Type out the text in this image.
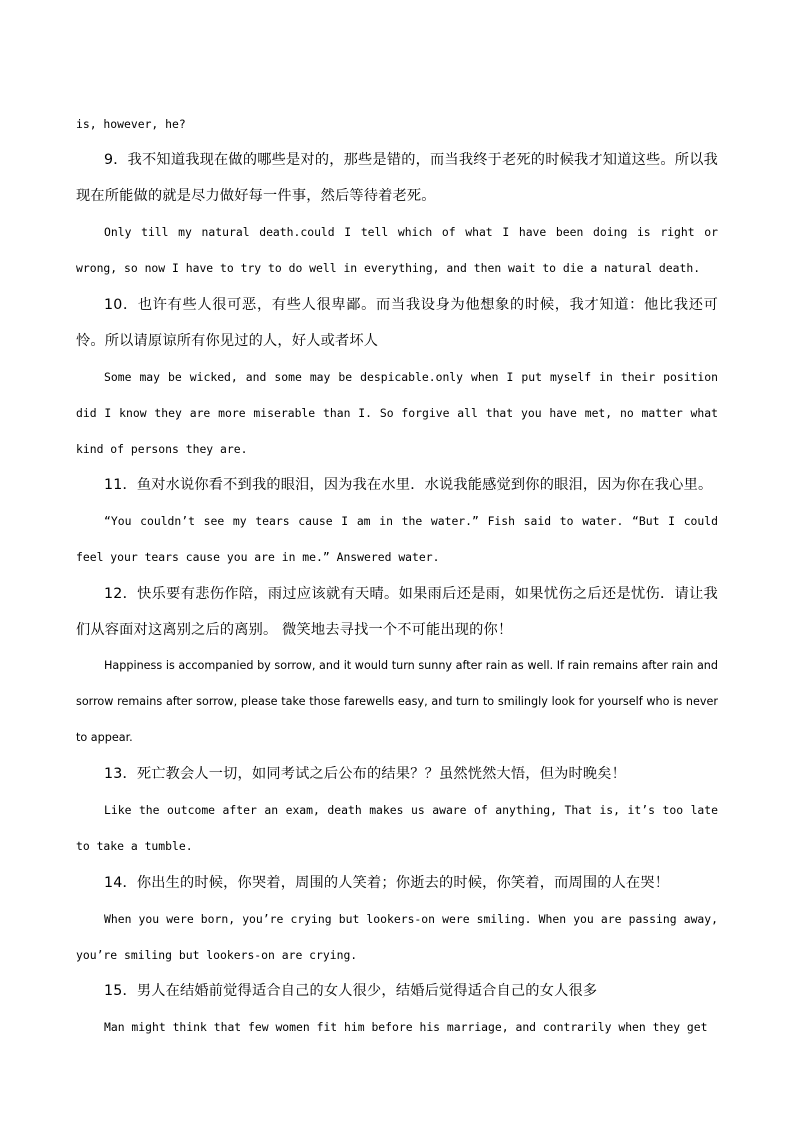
is, however, he?

9．我不知道我现在做的哪些是对的，那些是错的，而当我终于老死的时候我才知道这些。所以我现在所能做的就是尽力做好每一件事，然后等待着老死。

Only till my natural death.could I tell which of what I have been doing is right or wrong, so now I have to try to do well in everything, and then wait to die a natural death.

10．也许有些人很可恶，有些人很卑鄙。而当我设身为他想象的时候，我才知道：他比我还可怜。所以请原谅所有你见过的人，好人或者坏人

Some may be wicked, and some may be despicable.only when I put myself in their position did I know they are more miserable than I. So forgive all that you have met, no matter what kind of persons they are.

11．鱼对水说你看不到我的眼泪，因为我在水里．水说我能感觉到你的眼泪，因为你在我心里。

“You couldn’t see my tears cause I am in the water.” Fish said to water. “But I could feel your tears cause you are in me.” Answered water.

12．快乐要有悲伤作陪，雨过应该就有天晴。如果雨后还是雨，如果忧伤之后还是忧伤．请让我们从容面对这离别之后的离别。 微笑地去寻找一个不可能出现的你！

Happiness is accompanied by sorrow, and it would turn sunny after rain as well. If rain remains after rain and sorrow remains after sorrow, please take those farewells easy, and turn to smilingly look for yourself who is never to appear.

13．死亡教会人一切，如同考试之后公布的结果？？虽然恍然大悟，但为时晚矣！

Like the outcome after an exam, death makes us aware of anything, That is, it’s too late to take a tumble.

14．你出生的时候，你哭着，周围的人笑着；你逝去的时候，你笑着，而周围的人在哭！

When you were born, you’re crying but lookers-on were smiling. When you are passing away, you’re smiling but lookers-on are crying.

15．男人在结婚前觉得适合自己的女人很少，结婚后觉得适合自己的女人很多

Man might think that few women fit him before his marriage, and contrarily when they get
